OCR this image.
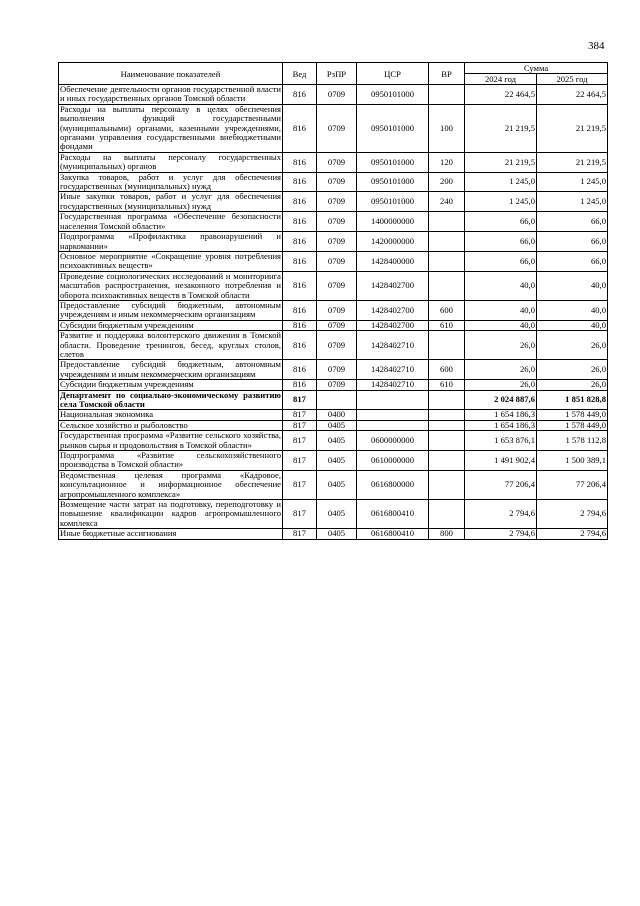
384
Наименование показателей	Вед	РзПР	ЦСР	ВР	Сумма	
					2024 год	2025 год
Обеспечение деятельности органов государственной власти и иных государственных органов Томской области	816	0709	0950101000		22 464,5	22 464,5
Расходы на выплаты персоналу в целях обеспечения выполнения функций государственными (муниципальными) органами, казенными учреждениями, органами управления государственными внебюджетными фондами	816	0709	0950101000	100	21 219,5	21 219,5
Расходы на выплаты персоналу государственных (муниципальных) органов	816	0709	0950101000	120	21 219,5	21 219,5
Закупка товаров, работ и услуг для обеспечения государственных (муниципальных) нужд	816	0709	0950101000	200	1 245,0	1 245,0
Иные закупки товаров, работ и услуг для обеспечения государственных (муниципальных) нужд	816	0709	0950101000	240	1 245,0	1 245,0
Государственная программа «Обеспечение безопасности населения Томской области»	816	0709	1400000000		66,0	66,0
Подпрограмма «Профилактика правонарушений и наркомании»	816	0709	1420000000		66,0	66,0
Основное мероприятие «Сокращение уровня потребления психоактивных веществ»	816	0709	1428400000		66,0	66,0
Проведение социологических исследований и мониторинга масштабов распространения, незаконного потребления и оборота психоактивных веществ в Томской области	816	0709	1428402700		40,0	40,0
Предоставление субсидий бюджетным, автономным учреждениям и иным некоммерческим организациям	816	0709	1428402700	600	40,0	40,0
Субсидии бюджетным учреждениям	816	0709	1428402700	610	40,0	40,0
Развитие и поддержка волонтерского движения в Томской области. Проведение тренингов, бесед, круглых столов, слетов	816	0709	1428402710		26,0	26,0
Предоставление субсидий бюджетным, автономным учреждениям и иным некоммерческим организациям	816	0709	1428402710	600	26,0	26,0
Субсидии бюджетным учреждениям	816	0709	1428402710	610	26,0	26,0
Департамент по социально-экономическому развитию села Томской области	817				2 024 887,6	1 851 828,8
Национальная экономика	817	0400			1 654 186,3	1 578 449,0
Сельское хозяйство и рыболовство	817	0405			1 654 186,3	1 578 449,0
Государственная программа «Развитие сельского хозяйства, рынков сырья и продовольствия в Томской области»	817	0405	0600000000		1 653 876,1	1 578 112,8
Подпрограмма «Развитие сельскохозяйственного производства в Томской области»	817	0405	0610000000		1 491 902,4	1 500 389,1
Ведомственная целевая программа «Кадровое, консультационное и информационное обеспечение агропромышленного комплекса»	817	0405	0616800000		77 206,4	77 206,4
Возмещение части затрат на подготовку, переподготовку и повышение квалификации кадров агропромышленного комплекса	817	0405	0616800410		2 794,6	2 794,6
Иные бюджетные ассигнования	817	0405	0616800410	800	2 794,6	2 794,6
